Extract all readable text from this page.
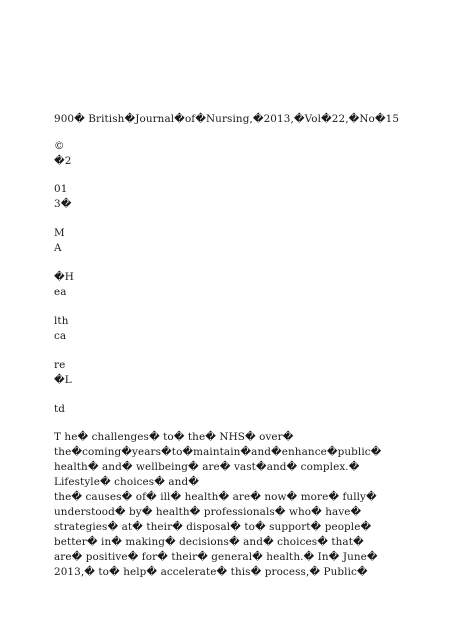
900� British�Journal�of�Nursing,�2013,�Vol�22,�No�15
©
�2
01
3�
M
A
�H
ea
lth
ca
re
�L
td
T he� challenges� to� the� NHS� over�
the�coming�years�to�maintain�and�enhance�public�
health� and� wellbeing� are� vast�and� complex.�
Lifestyle� choices� and�
the� causes� of� ill� health� are� now� more� fully�
understood� by� health� professionals� who� have�
strategies� at� their� disposal� to� support� people�
better� in� making� decisions� and� choices� that�
are� positive� for� their� general� health.� In� June�
2013,� to� help� accelerate� this� process,� Public�
